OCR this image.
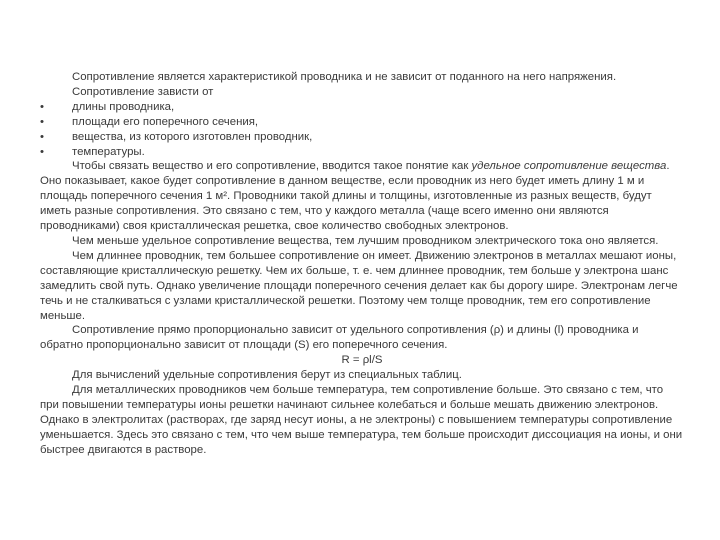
Сопротивление является характеристикой проводника и не зависит от поданного на него напряжения.

Сопротивление зависти от

•	длины проводника,
•	площади его поперечного сечения,
•	вещества, из которого изготовлен проводник,
•	температуры.

Чтобы связать вещество и его сопротивление, вводится такое понятие как удельное сопротивление вещества. Оно показывает, какое будет сопротивление в данном веществе, если проводник из него будет иметь длину 1 м и площадь поперечного сечения 1 м². Проводники такой длины и толщины, изготовленные из разных веществ, будут иметь разные сопротивления. Это связано с тем, что у каждого металла (чаще всего именно они являются проводниками) своя кристаллическая решетка, свое количество свободных электронов.

Чем меньше удельное сопротивление вещества, тем лучшим проводником электрического тока оно является.

Чем длиннее проводник, тем большее сопротивление он имеет. Движению электронов в металлах мешают ионы, составляющие кристаллическую решетку. Чем их больше, т. е. чем длиннее проводник, тем больше у электрона шанс замедлить свой путь. Однако увеличение площади поперечного сечения делает как бы дорогу шире. Электронам легче течь и не сталкиваться с узлами кристаллической решетки. Поэтому чем толще проводник, тем его сопротивление меньше.

Сопротивление прямо пропорционально зависит от удельного сопротивления (ρ) и длины (l) проводника и обратно пропорционально зависит от площади (S) его поперечного сечения.

R = ρl/S

Для вычислений удельные сопротивления берут из специальных таблиц.

Для металлических проводников чем больше температура, тем сопротивление больше. Это связано с тем, что при повышении температуры ионы решетки начинают сильнее колебаться и больше мешать движению электронов. Однако в электролитах (растворах, где заряд несут ионы, а не электроны) с повышением температуры сопротивление уменьшается. Здесь это связано с тем, что чем выше температура, тем больше происходит диссоциация на ионы, и они быстрее двигаются в растворе.
